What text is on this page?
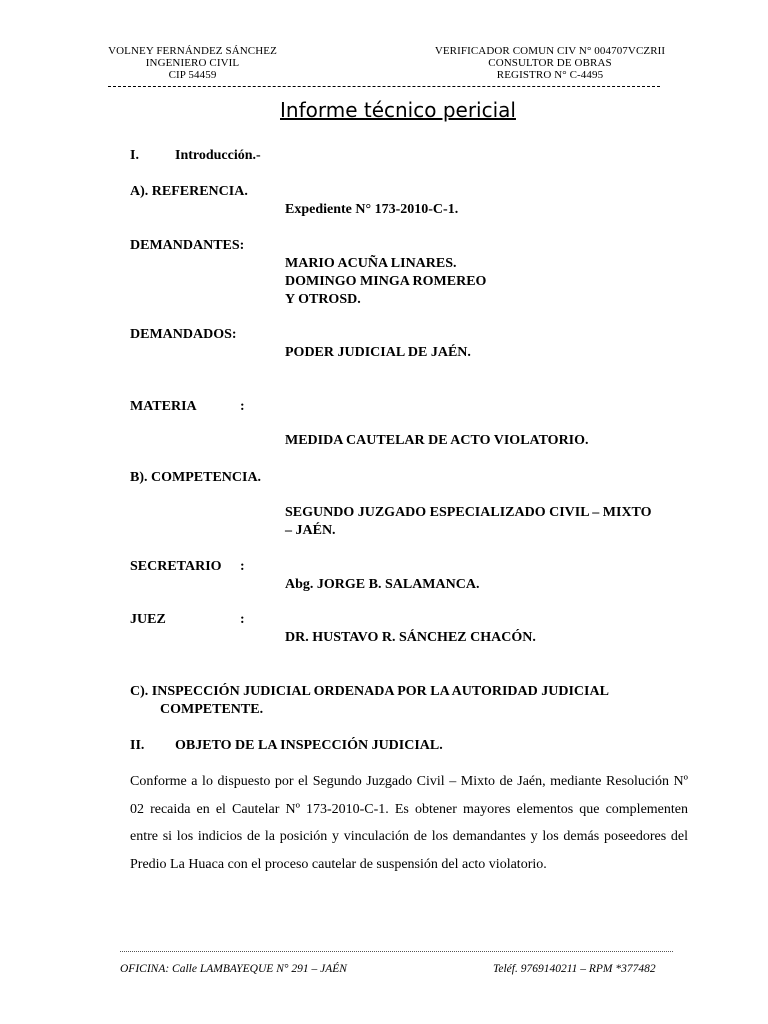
VOLNEY FERNÁNDEZ SÁNCHEZ
INGENIERO CIVIL
CIP 54459
VERIFICADOR COMUN CIV N° 004707VCZRII
CONSULTOR DE OBRAS
REGISTRO N° C-4495
Informe técnico pericial
I.	Introducción.-
A). REFERENCIA.
Expediente N° 173-2010-C-1.
DEMANDANTES:
MARIO ACUÑA LINARES.
DOMINGO MINGA ROMEREO
Y OTROSD.
DEMANDADOS:
PODER JUDICIAL DE JAÉN.
MATERIA	:
MEDIDA CAUTELAR DE ACTO VIOLATORIO.
B). COMPETENCIA.
SEGUNDO JUZGADO ESPECIALIZADO CIVIL – MIXTO
– JAÉN.
SECRETARIO :
Abg. JORGE B. SALAMANCA.
JUEZ	:
DR. HUSTAVO R. SÁNCHEZ CHACÓN.
C). INSPECCIÓN JUDICIAL ORDENADA POR LA AUTORIDAD JUDICIAL
COMPETENTE.
II. OBJETO DE LA INSPECCIÓN JUDICIAL.
Conforme a lo dispuesto por el Segundo Juzgado Civil – Mixto de Jaén, mediante Resolución Nº 02 recaida en el Cautelar Nº 173-2010-C-1. Es obtener mayores elementos que complementen entre si los indicios de la posición y vinculación de los demandantes y los demás poseedores del Predio La Huaca con el proceso cautelar de suspensión del acto violatorio.
OFICINA: Calle LAMBAYEQUE N° 291 – JAÉN	Teléf. 9769140211 – RPM *377482
